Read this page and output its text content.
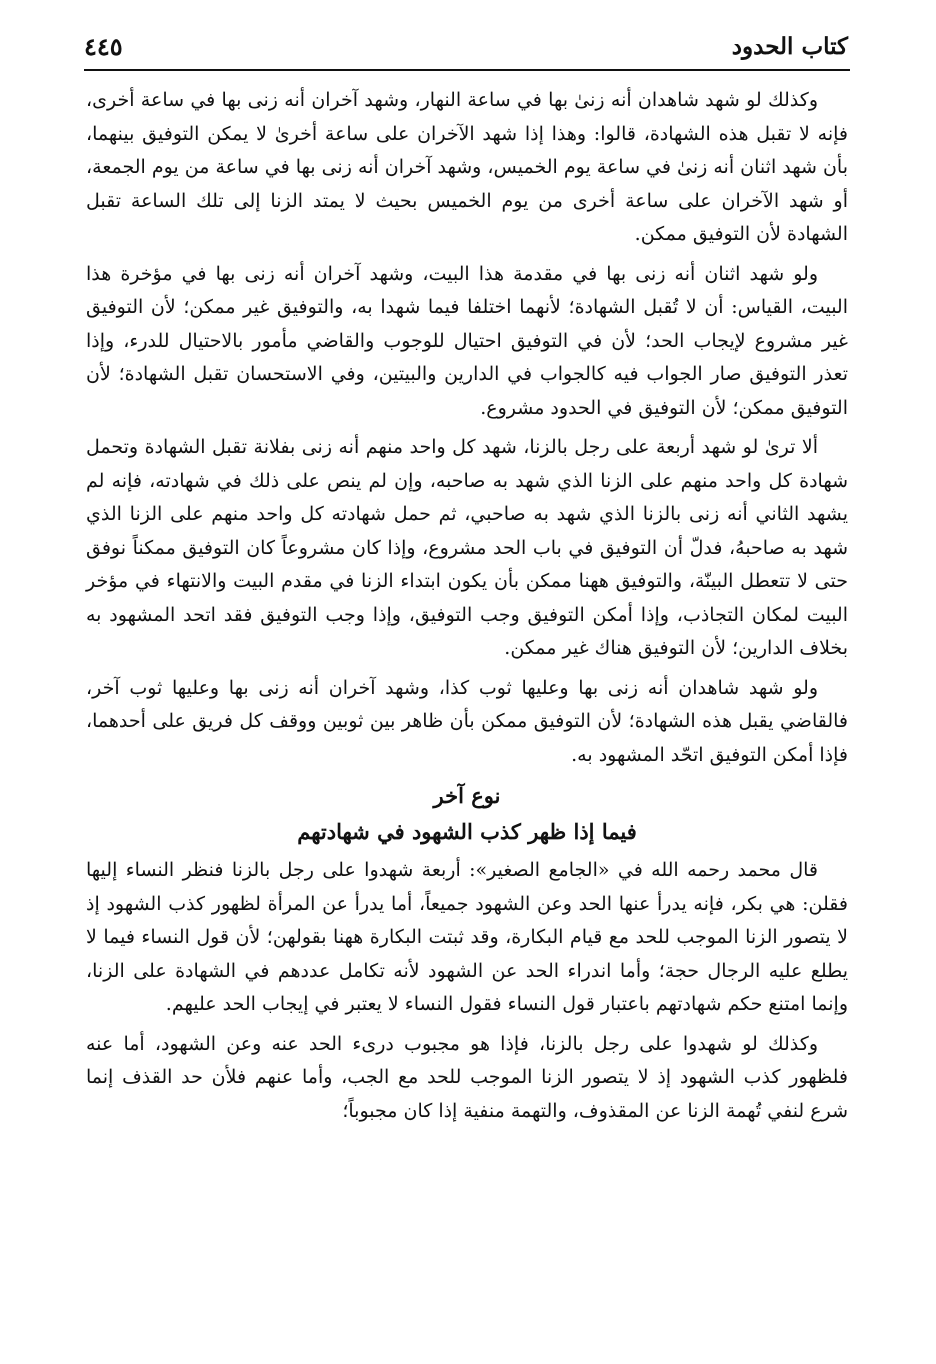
كتاب الحدود
٤٤٥

وكذلك لو شهد شاهدان أنه زنىٰ بها في ساعة النهار، وشهد آخران أنه زنى بها في ساعة أخرى، فإنه لا تقبل هذه الشهادة، قالوا: وهذا إذا شهد الآخران على ساعة أخرىٰ لا يمكن التوفيق بينهما، بأن شهد اثنان أنه زنىٰ في ساعة يوم الخميس، وشهد آخران أنه زنى بها في ساعة من يوم الجمعة، أو شهد الآخران على ساعة أخرى من يوم الخميس بحيث لا يمتد الزنا إلى تلك الساعة تقبل الشهادة لأن التوفيق ممكن.

ولو شهد اثنان أنه زنى بها في مقدمة هذا البيت، وشهد آخران أنه زنى بها في مؤخرة هذا البيت، القياس: أن لا تُقبل الشهادة؛ لأنهما اختلفا فيما شهدا به، والتوفيق غير ممكن؛ لأن التوفيق غير مشروع لإيجاب الحد؛ لأن في التوفيق احتيال للوجوب والقاضي مأمور بالاحتيال للدرء، وإذا تعذر التوفيق صار الجواب فيه كالجواب في الدارين والبيتين، وفي الاستحسان تقبل الشهادة؛ لأن التوفيق ممكن؛ لأن التوفيق في الحدود مشروع.

ألا ترىٰ لو شهد أربعة على رجل بالزنا، شهد كل واحد منهم أنه زنى بفلانة تقبل الشهادة وتحمل شهادة كل واحد منهم على الزنا الذي شهد به صاحبه، وإن لم ينص على ذلك في شهادته، فإنه لم يشهد الثاني أنه زنى بالزنا الذي شهد به صاحبي، ثم حمل شهادته كل واحد منهم على الزنا الذي شهد به صاحبهُ، فدلّ أن التوفيق في باب الحد مشروع، وإذا كان مشروعاً كان التوفيق ممكناً نوفق حتى لا تتعطل البينّة، والتوفيق ههنا ممكن بأن يكون ابتداء الزنا في مقدم البيت والانتهاء في مؤخر البيت لمكان التجاذب، وإذا أمكن التوفيق وجب التوفيق، وإذا وجب التوفيق فقد اتحد المشهود به بخلاف الدارين؛ لأن التوفيق هناك غير ممكن.

ولو شهد شاهدان أنه زنى بها وعليها ثوب كذا، وشهد آخران أنه زنى بها وعليها ثوب آخر، فالقاضي يقبل هذه الشهادة؛ لأن التوفيق ممكن بأن ظاهر بين ثوبين ووقف كل فريق على أحدهما، فإذا أمكن التوفيق اتحّد المشهود به.

نوع آخر
فيما إذا ظهر كذب الشهود في شهادتهم

قال محمد رحمه الله في «الجامع الصغير»: أربعة شهدوا على رجل بالزنا فنظر النساء إليها فقلن: هي بكر، فإنه يدرأ عنها الحد وعن الشهود جميعاً، أما يدرأ عن المرأة لظهور كذب الشهود إذ لا يتصور الزنا الموجب للحد مع قيام البكارة، وقد ثبتت البكارة ههنا بقولهن؛ لأن قول النساء فيما لا يطلع عليه الرجال حجة؛ وأما اندراء الحد عن الشهود لأنه تكامل عددهم في الشهادة على الزنا، وإنما امتنع حكم شهادتهم باعتبار قول النساء فقول النساء لا يعتبر في إيجاب الحد عليهم.

وكذلك لو شهدوا على رجل بالزنا، فإذا هو مجبوب درىء الحد عنه وعن الشهود، أما عنه فلظهور كذب الشهود إذ لا يتصور الزنا الموجب للحد مع الجب، وأما عنهم فلأن حد القذف إنما شرع لنفي تُهمة الزنا عن المقذوف، والتهمة منفية إذا كان مجبوباً؛
